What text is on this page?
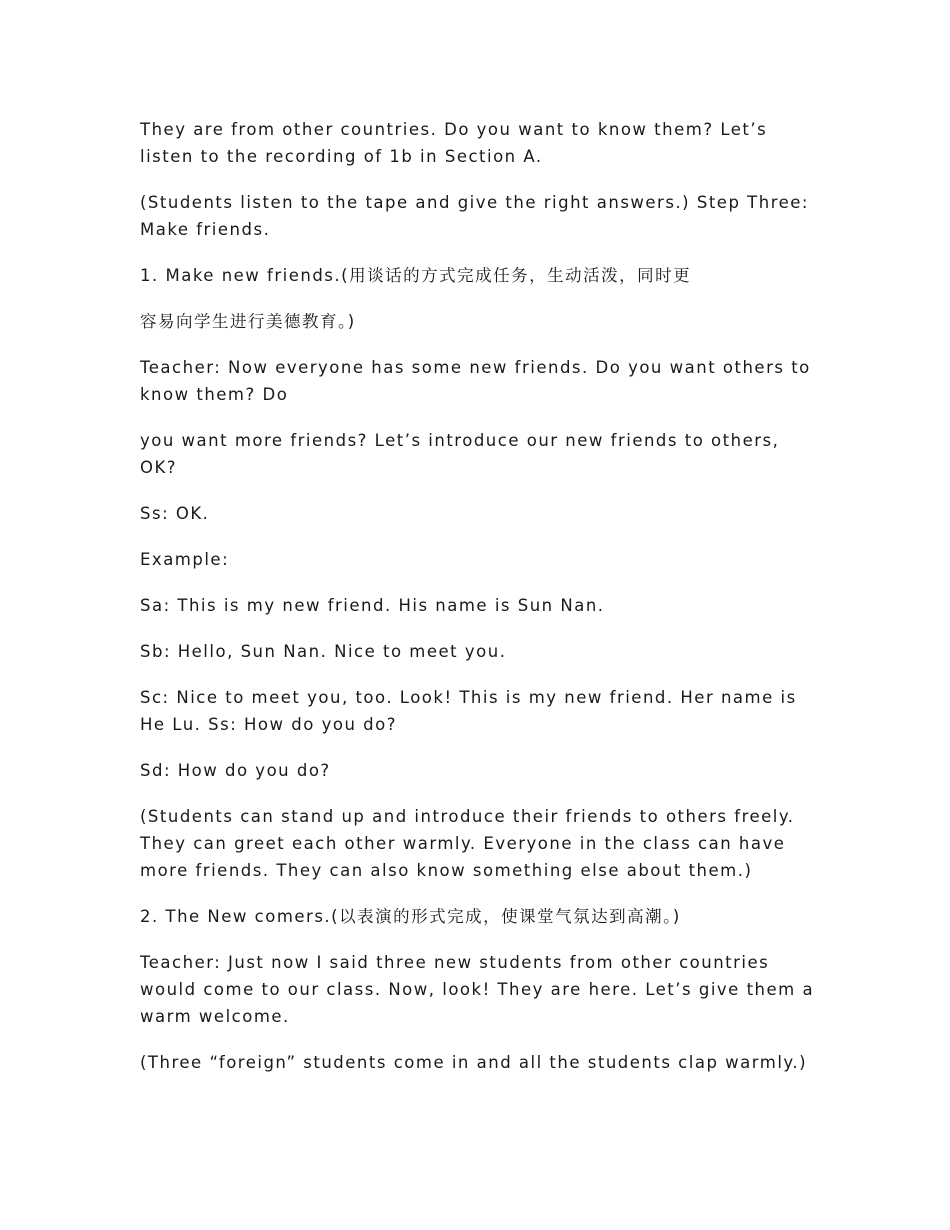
They are from other countries. Do you want to know them? Let’s listen to the recording of 1b in Section A.

(Students listen to the tape and give the right answers.) Step Three: Make friends.

1. Make new friends.(用谈话的方式完成任务，生动活泼，同时更

容易向学生进行美德教育。)

Teacher: Now everyone has some new friends. Do you want others to know them? Do

you want more friends? Let’s introduce our new friends to others, OK?

Ss: OK.

Example:

Sa: This is my new friend. His name is Sun Nan.

Sb: Hello, Sun Nan. Nice to meet you.

Sc: Nice to meet you, too. Look! This is my new friend. Her name is He Lu. Ss: How do you do?

Sd: How do you do?

(Students can stand up and introduce their friends to others freely. They can greet each other warmly. Everyone in the class can have more friends. They can also know something else about them.)

2. The New comers.(以表演的形式完成，使课堂气氛达到高潮。)

Teacher: Just now I said three new students from other countries would come to our class. Now, look! They are here. Let’s give them a warm welcome.

(Three “foreign” students come in and all the students clap warmly.)
